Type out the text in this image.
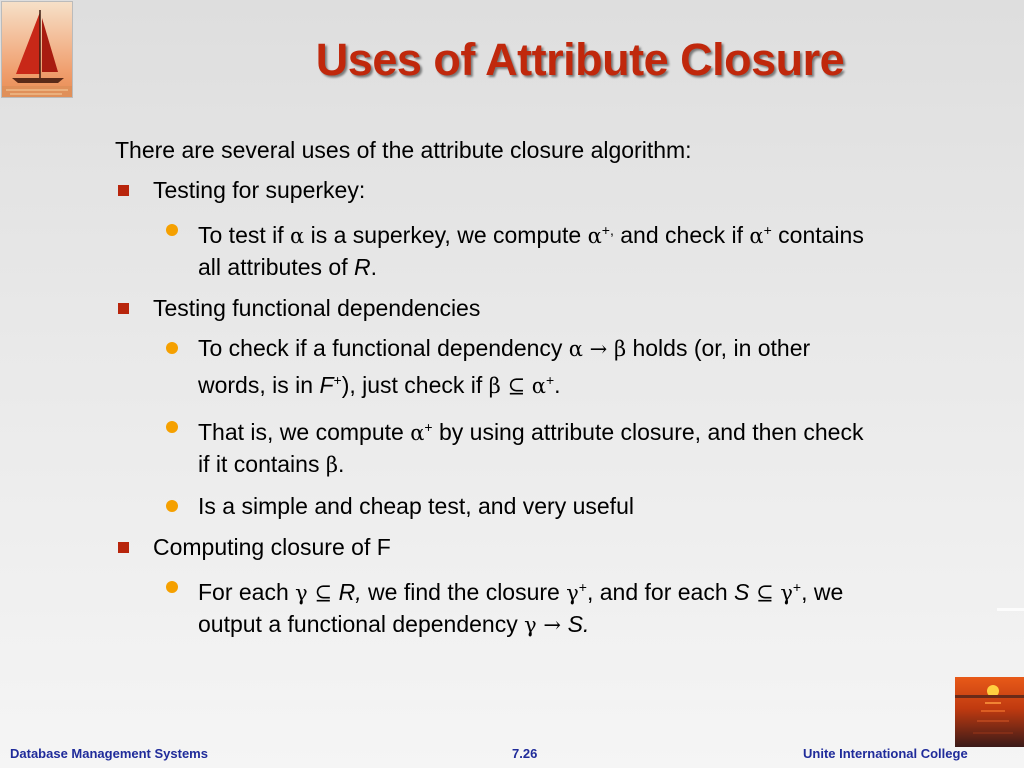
Uses of Attribute Closure

There are several uses of the attribute closure algorithm:

Testing for superkey:
To test if α is a superkey, we compute α+, and check if α+ contains all attributes of R.
Testing functional dependencies
To check if a functional dependency α → β holds (or, in other words, is in F+), just check if β ⊆ α+.
That is, we compute α+ by using attribute closure, and then check if it contains β.
Is a simple and cheap test, and very useful
Computing closure of F
For each γ ⊆ R, we find the closure γ+, and for each S ⊆ γ+, we output a functional dependency γ → S.
Database Management Systems	7.26	Unite International College
